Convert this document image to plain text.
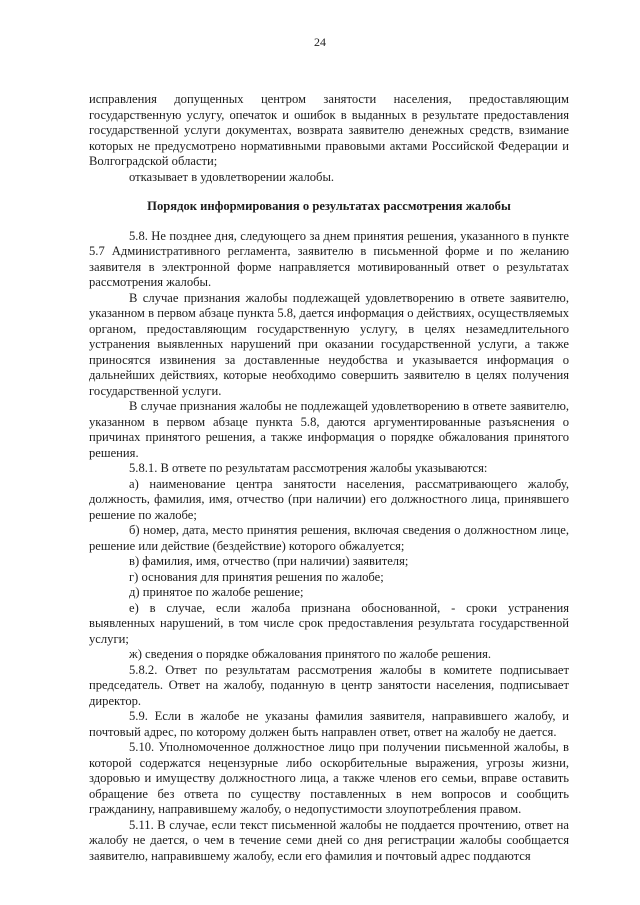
24

исправления допущенных центром занятости населения, предоставляющим государственную услугу, опечаток и ошибок в выданных в результате предоставления государственной услуги документах, возврата заявителю денежных средств, взимание которых не предусмотрено нормативными правовыми актами Российской Федерации и Волгоградской области;

отказывает в удовлетворении жалобы.

Порядок информирования о результатах рассмотрения жалобы

5.8. Не позднее дня, следующего за днем принятия решения, указанного в пункте 5.7 Административного регламента, заявителю в письменной форме и по желанию заявителя в электронной форме направляется мотивированный ответ о результатах рассмотрения жалобы.

В случае признания жалобы подлежащей удовлетворению в ответе заявителю, указанном в первом абзаце пункта 5.8, дается информация о действиях, осуществляемых органом, предоставляющим государственную услугу, в целях незамедлительного устранения выявленных нарушений при оказании государственной услуги, а также приносятся извинения за доставленные неудобства и указывается информация о дальнейших действиях, которые необходимо совершить заявителю в целях получения государственной услуги.

В случае признания жалобы не подлежащей удовлетворению в ответе заявителю, указанном в первом абзаце пункта 5.8, даются аргументированные разъяснения о причинах принятого решения, а также информация о порядке обжалования принятого решения.

5.8.1. В ответе по результатам рассмотрения жалобы указываются:

а) наименование центра занятости населения, рассматривающего жалобу, должность, фамилия, имя, отчество (при наличии) его должностного лица, принявшего решение по жалобе;

б) номер, дата, место принятия решения, включая сведения о должностном лице, решение или действие (бездействие) которого обжалуется;

в) фамилия, имя, отчество (при наличии) заявителя;

г) основания для принятия решения по жалобе;

д) принятое по жалобе решение;

е) в случае, если жалоба признана обоснованной, - сроки устранения выявленных нарушений, в том числе срок предоставления результата государственной услуги;

ж) сведения о порядке обжалования принятого по жалобе решения.

5.8.2. Ответ по результатам рассмотрения жалобы в комитете подписывает председатель. Ответ на жалобу, поданную в центр занятости населения, подписывает директор.

5.9. Если в жалобе не указаны фамилия заявителя, направившего жалобу, и почтовый адрес, по которому должен быть направлен ответ, ответ на жалобу не дается.

5.10. Уполномоченное должностное лицо при получении письменной жалобы, в которой содержатся нецензурные либо оскорбительные выражения, угрозы жизни, здоровью и имуществу должностного лица, а также членов его семьи, вправе оставить обращение без ответа по существу поставленных в нем вопросов и сообщить гражданину, направившему жалобу, о недопустимости злоупотребления правом.

5.11. В случае, если текст письменной жалобы не поддается прочтению, ответ на жалобу не дается, о чем в течение семи дней со дня регистрации жалобы сообщается заявителю, направившему жалобу, если его фамилия и почтовый адрес поддаются
